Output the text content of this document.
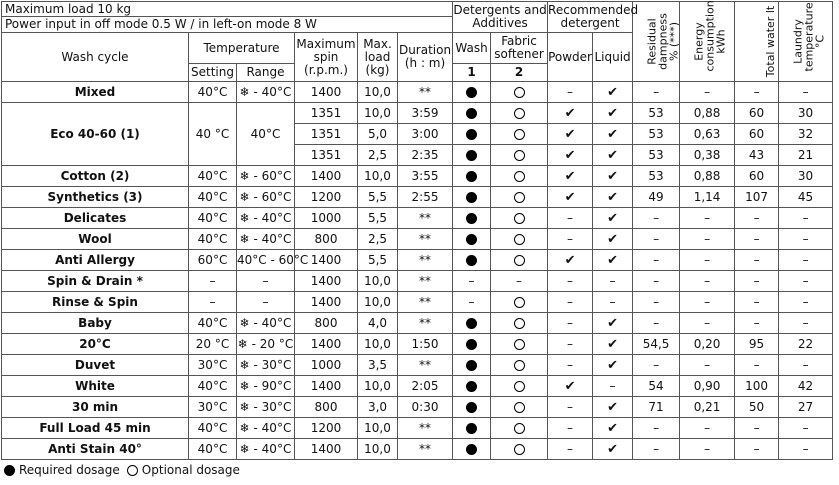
Maximum load 10 kg						Detergents and Additives		Recommended detergent		Residual dampness % (***)	Energy consumption kWh	Total water lt	Laundry temperature °C
Power input in off mode 0.5 W / in left-on mode 8 W													
Wash cycle	Temperature		Maximum spin (r.p.m.)	Max. load (kg)	Duration (h : m)	Wash	Fabric softener	Powder	Liquid				
	Setting	Range				1	2						
Mixed	40°C	❄ - 40°C	1400	10,0	**			–	✔	–	–	–	–
Eco 40-60 (1)	40 °C	40°C	1351	10,0	3:59			✔	✔	53	0,88	60	30
			1351	5,0	3:00			✔	✔	53	0,63	60	32
			1351	2,5	2:35			✔	✔	53	0,38	43	21
Cotton (2)	40°C	❄ - 60°C	1400	10,0	3:55			✔	✔	53	0,88	60	30
Synthetics (3)	40°C	❄ - 60°C	1200	5,5	2:55			✔	✔	49	1,14	107	45
Delicates	40°C	❄ - 40°C	1000	5,5	**			–	✔	–	–	–	–
Wool	40°C	❄ - 40°C	800	2,5	**			–	✔	–	–	–	–
Anti Allergy	60°C	40°C - 60°C	1400	5,5	**			✔	✔	–	–	–	–
Spin & Drain *	–	–	1400	10,0	**	–	–	–	–	–	–	–	–
Rinse & Spin	–	–	1400	10,0	**	–		–	–	–	–	–	–
Baby	40°C	❄ - 40°C	800	4,0	**			–	✔	–	–	–	–
20°C	20 °C	❄ - 20 °C	1400	10,0	1:50			–	✔	54,5	0,20	95	22
Duvet	30°C	❄ - 30°C	1000	3,5	**			–	✔	–	–	–	–
White	40°C	❄ - 90°C	1400	10,0	2:05			✔	–	54	0,90	100	42
30 min	30°C	❄ - 30°C	800	3,0	0:30			–	✔	71	0,21	50	27
Full Load 45 min	40°C	❄ - 40°C	1200	10,0	**			–	✔	–	–	–	–
Anti Stain 40°	40°C	❄ - 40°C	1400	10,0	**			–	✔	–	–	–	–
Required dosage Optional dosage
